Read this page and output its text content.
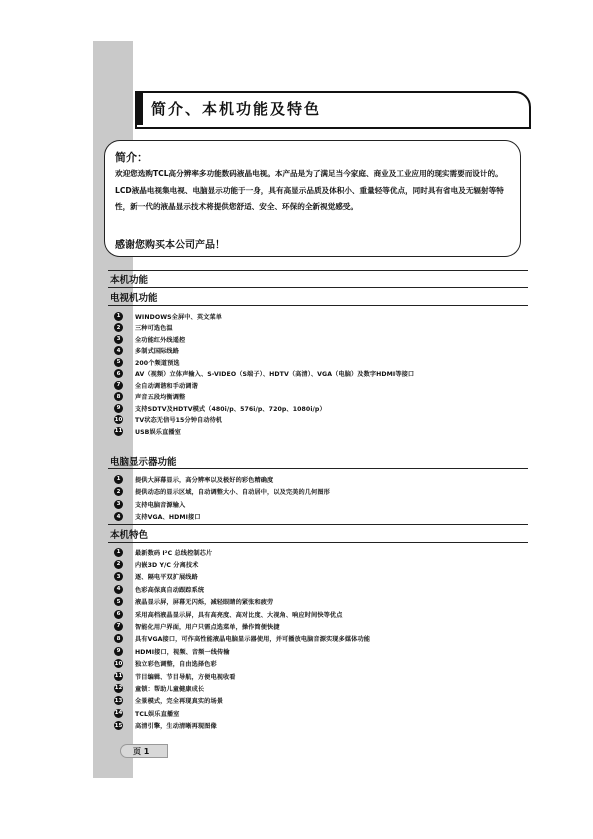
简介、本机功能及特色
简介：
欢迎您选购TCL高分辨率多功能数码液晶电视。本产品是为了满足当今家庭、商业及工业应用的现实需要而设计的。LCD液晶电视集电视、电脑显示功能于一身，具有高显示品质及体积小、重量轻等优点，同时具有省电及无辐射等特性，新一代的液晶显示技术将提供您舒适、安全、环保的全新视觉感受。
感谢您购买本公司产品！
本机功能
电视机功能
1	WINDOWS全屏中、英文菜单
2	三种可选色温
3	全功能红外线遥控
4	多制式国际线路
5	200个频道预选
6	AV（视频）立体声输入、S-VIDEO（S端子）、HDTV（高清）、VGA（电脑）及数字HDMI等接口
7	全自动调谐和手动调谐
8	声音五段均衡调整
9	支持SDTV及HDTV模式（480i/p、576i/p、720p、1080i/p）
10 TV状态无信号15分钟自动待机
11 USB娱乐直播室
电脑显示器功能
1	提供大屏幕显示，高分辨率以及极好的彩色精确度
2	提供动态的显示区域，自动调整大小、自动居中，以及完美的几何图形
3	支持电脑音源输入
4	支持VGA、HDMI接口
本机特色
1	最新数码 I²C 总线控制芯片
2	内嵌3D Y/C 分离技术
3	逐、隔电平双扩展线路
4	色彩高保真自动跟踪系统
5	液晶显示屏，屏幕无闪烁，减轻眼睛的紧张和疲劳
6	采用高档液晶显示屏，具有高亮度、高对比度、大视角、响应时间快等优点
7	智能化用户界面，用户只需点选菜单，操作简便快捷
8	具有VGA接口，可作高性能液晶电脑显示器使用，并可播放电脑音源实现多媒体功能
9	HDMI接口，视频、音频一线传输
10 独立彩色调整，自由选择色彩
11 节目编辑、节目导航，方便电视收看
12 童锁：帮助儿童健康成长
13 全景模式，完全再现真实的场景
14 TCL娱乐直播室
15 高清引擎，生动清晰再现图像
页 1
